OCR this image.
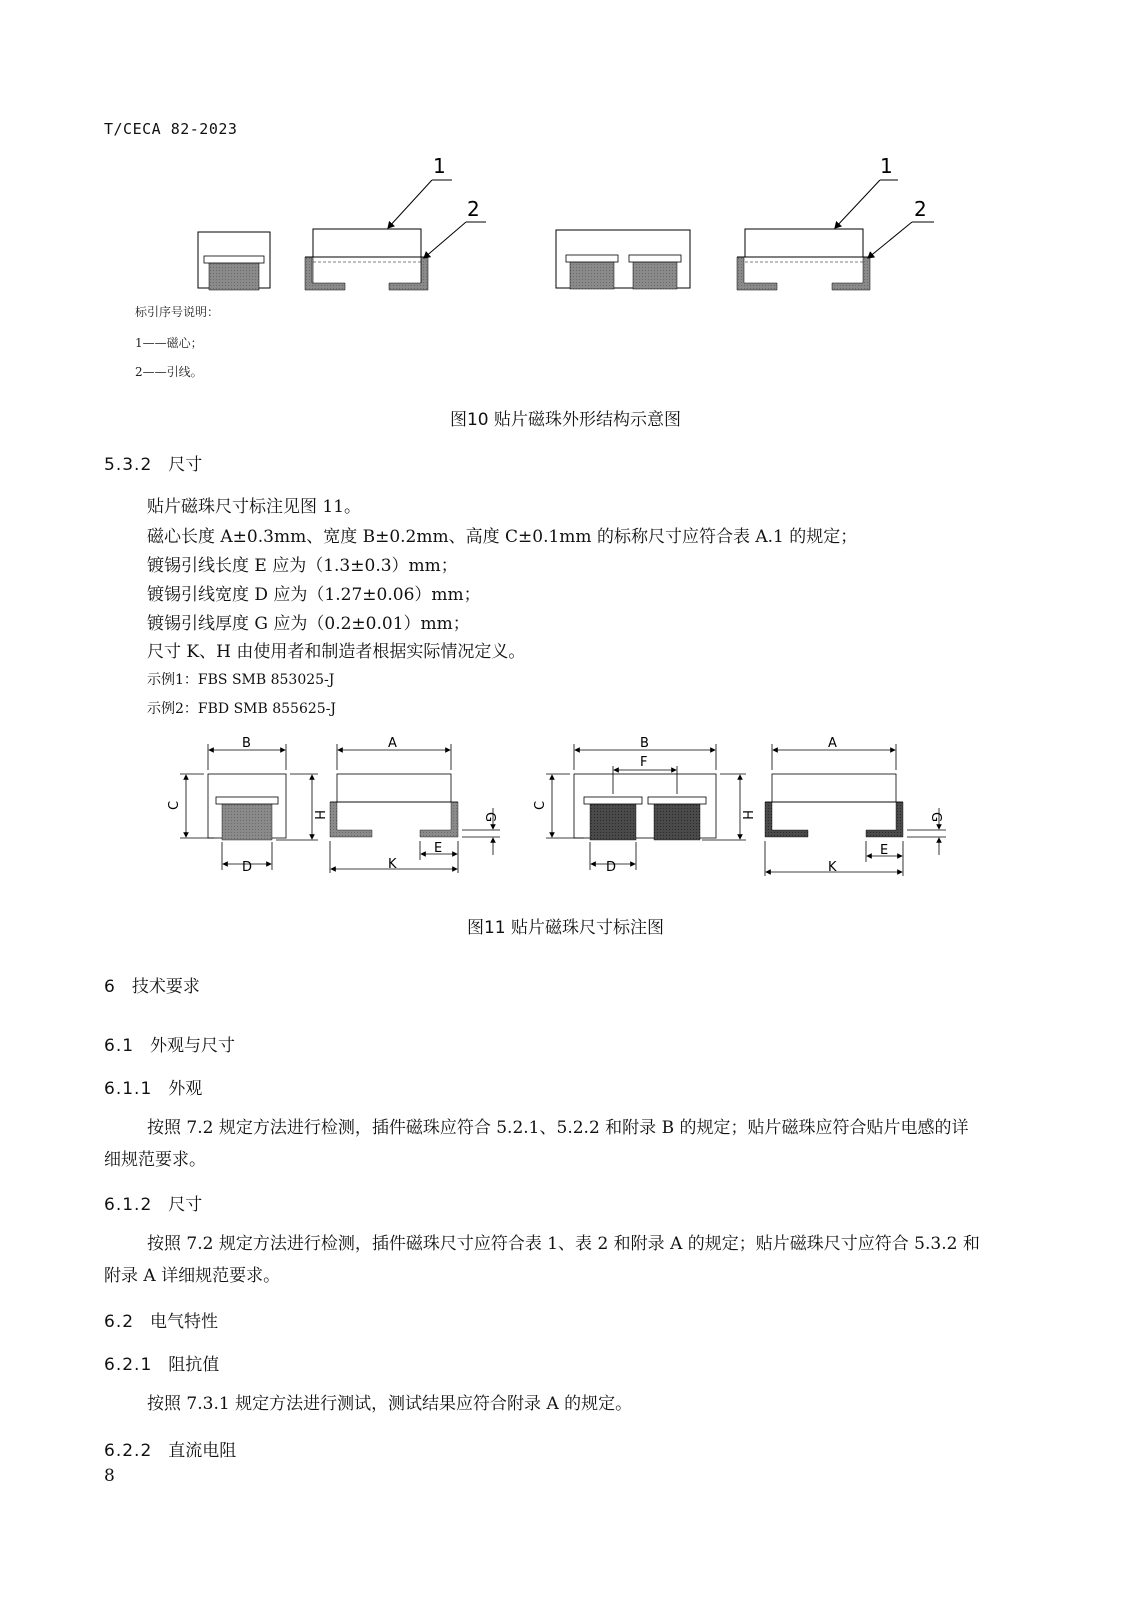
T/CECA 82-2023
1
2
1
2
标引序号说明：
1——磁心；
2——引线。
图10 贴片磁珠外形结构示意图
5.3.2 尺寸
贴片磁珠尺寸标注见图 11。
磁心长度 A±0.3mm、宽度 B±0.2mm、高度 C±0.1mm 的标称尺寸应符合表 A.1 的规定；
镀锡引线长度 E 应为（1.3±0.3）mm；
镀锡引线宽度 D 应为（1.27±0.06）mm；
镀锡引线厚度 G 应为（0.2±0.01）mm；
尺寸 K、H 由使用者和制造者根据实际情况定义。
示例1：FBS SMB 853025-J
示例2：FBD SMB 855625-J
B	A
C
H
D	K
E
G
B
F
A
C
H
D	K
E
G
图11 贴片磁珠尺寸标注图
6 技术要求
6.1 外观与尺寸
6.1.1 外观
按照 7.2 规定方法进行检测，插件磁珠应符合 5.2.1、5.2.2 和附录 B 的规定；贴片磁珠应符合贴片电感的详细规范要求。
6.1.2 尺寸
按照 7.2 规定方法进行检测，插件磁珠尺寸应符合表 1、表 2 和附录 A 的规定；贴片磁珠尺寸应符合 5.3.2 和附录 A 详细规范要求。
6.2 电气特性
6.2.1 阻抗值
按照 7.3.1 规定方法进行测试，测试结果应符合附录 A 的规定。
6.2.2 直流电阻
8
